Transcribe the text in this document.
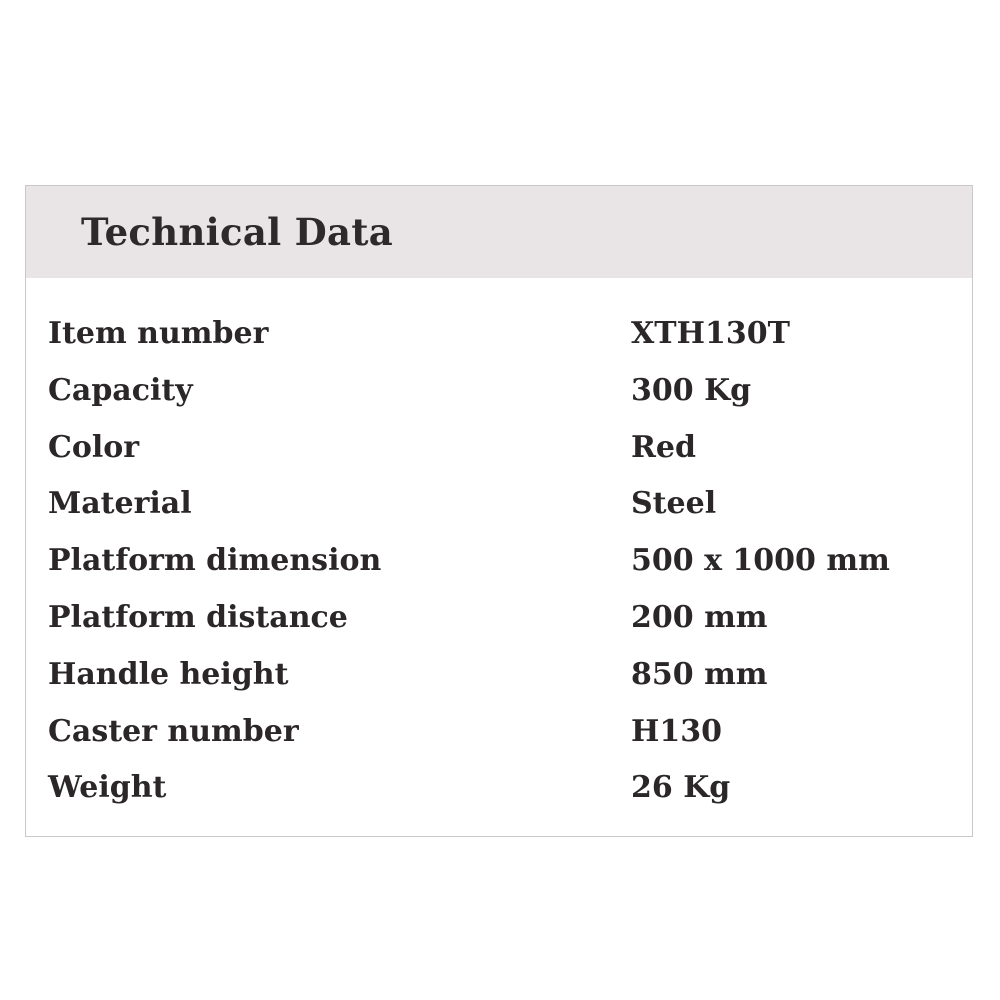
Technical Data
Item number	XTH130T
Capacity	300 Kg
Color	Red
Material	Steel
Platform dimension	500 x 1000 mm
Platform distance	200 mm
Handle height	850 mm
Caster number	H130
Weight	26 Kg
